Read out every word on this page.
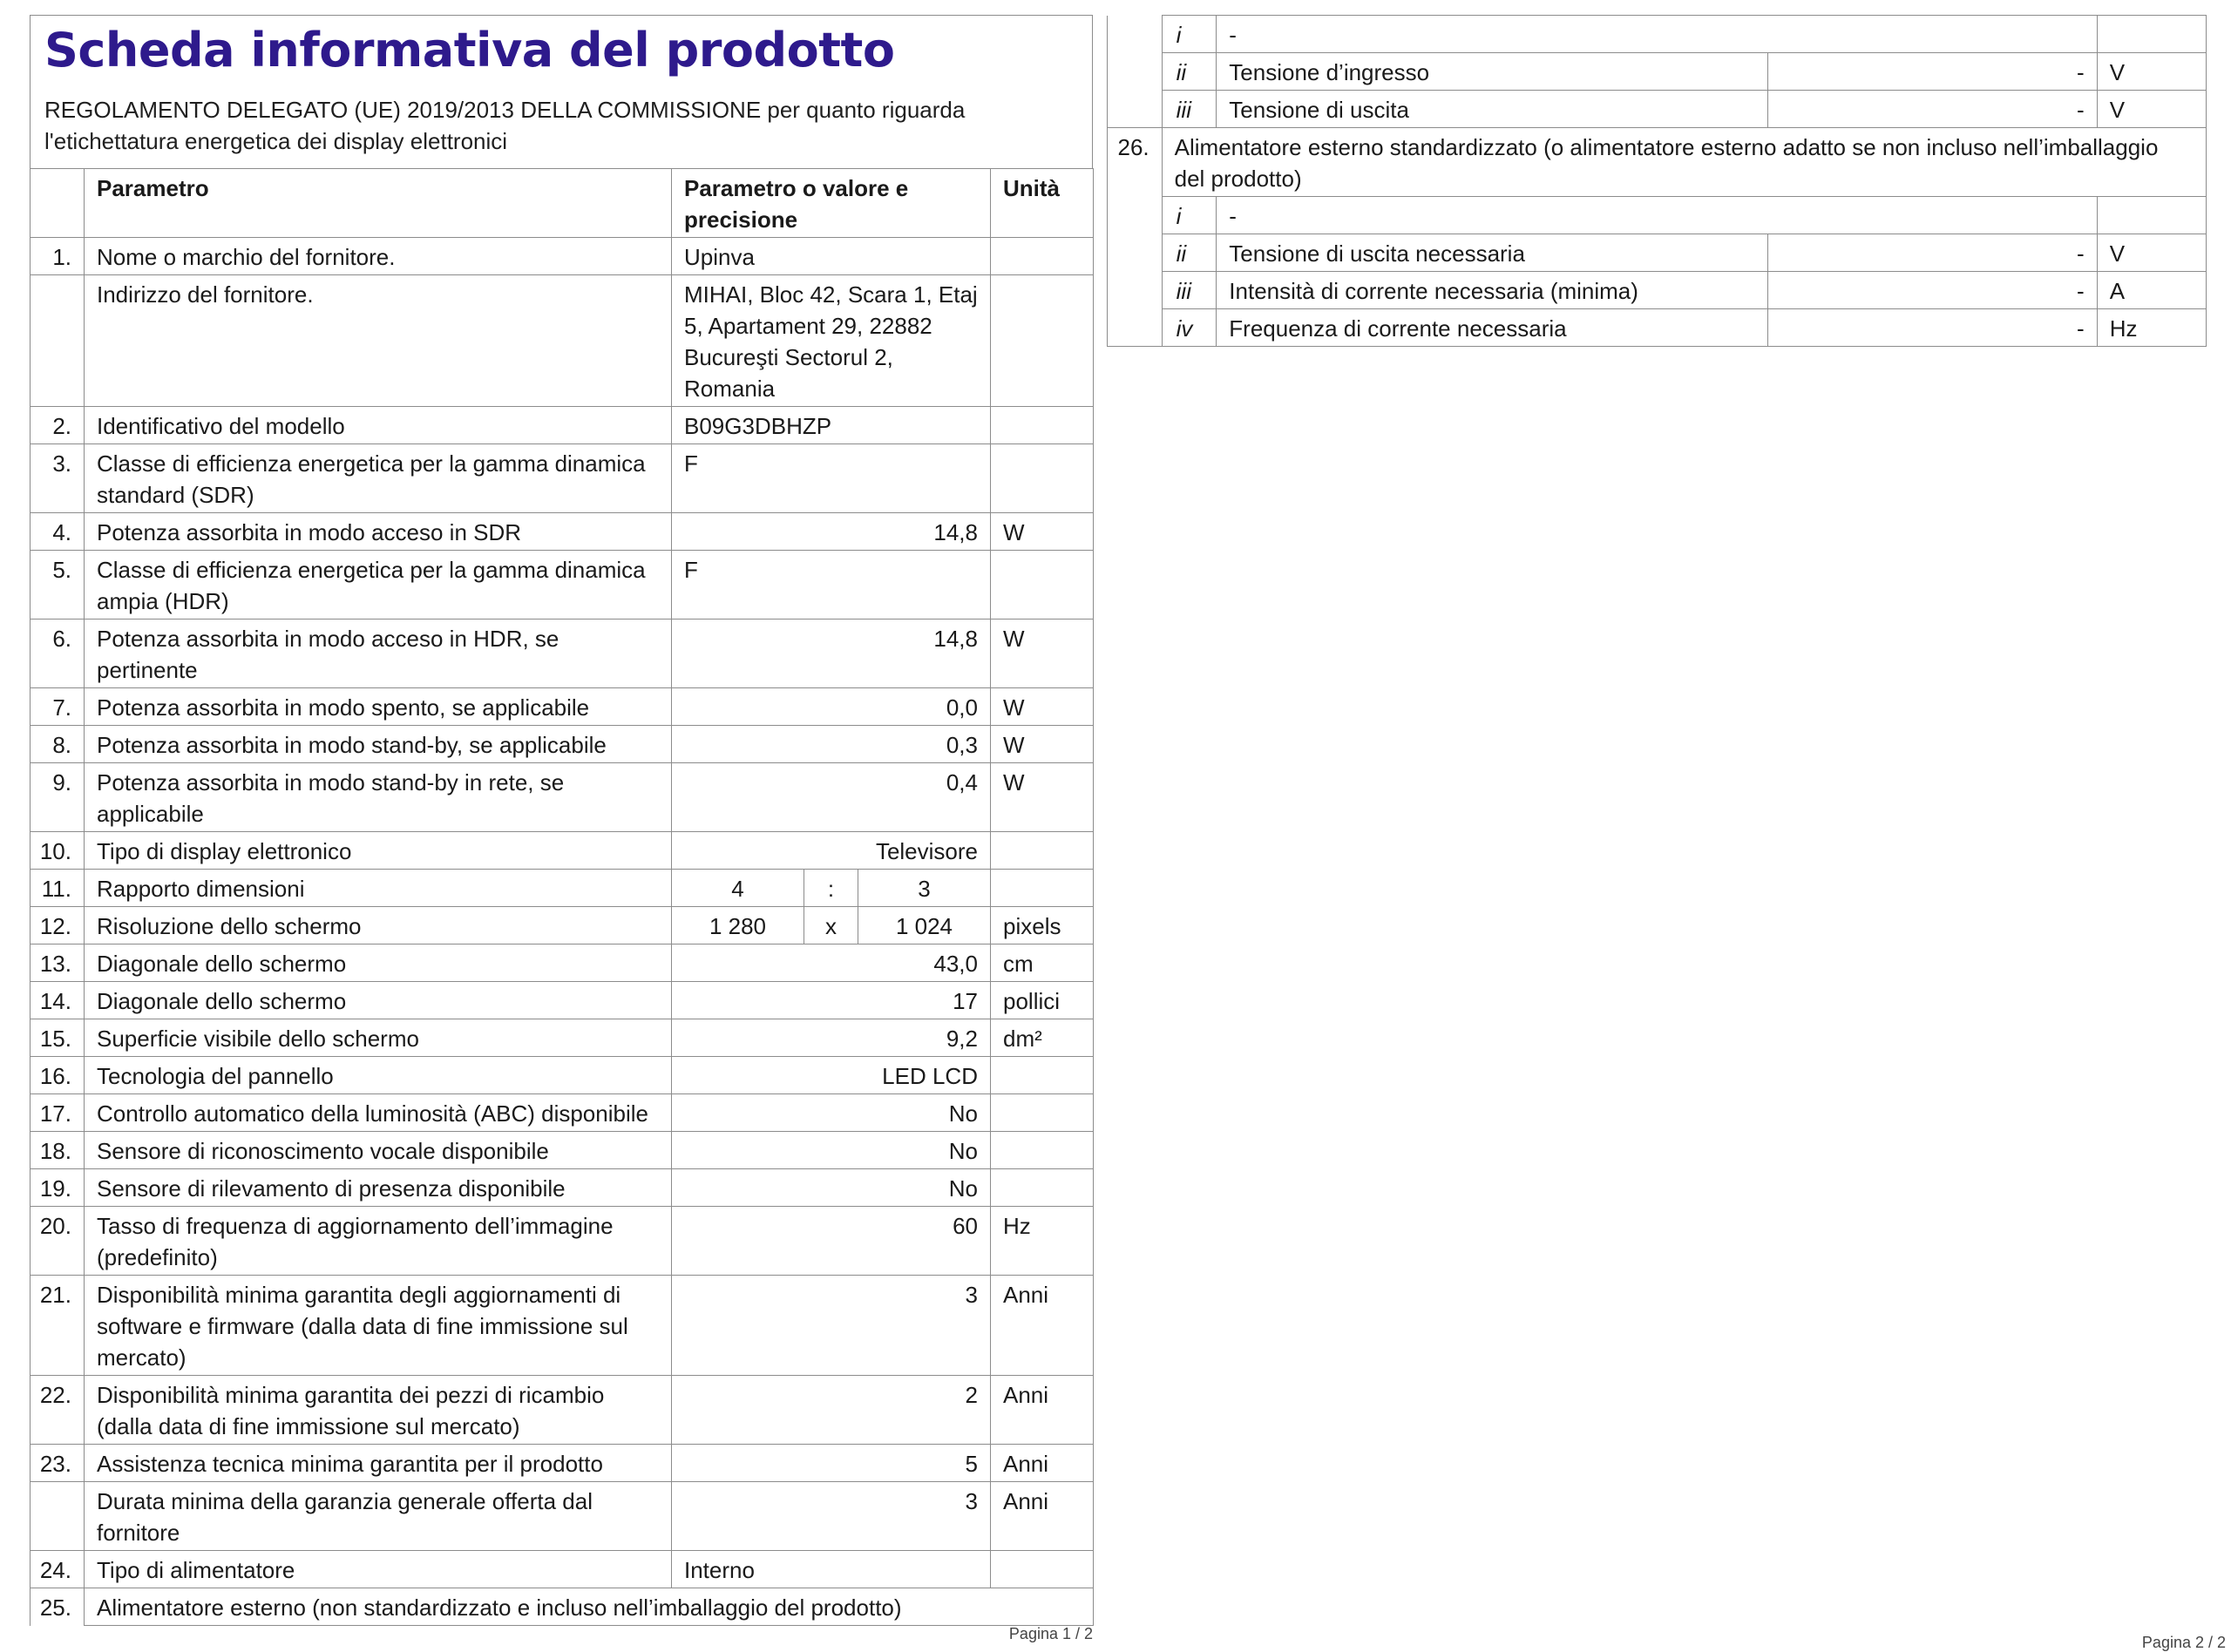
Scheda informativa del prodotto
REGOLAMENTO DELEGATO (UE) 2019/2013 DELLA COMMISSIONE per quanto riguarda l'etichettatura energetica dei display elettronici
	Parametro	Parametro o valore e precisione			Unità
1.	Nome o marchio del fornitore.	Upinva			
	Indirizzo del fornitore.	MIHAI, Bloc 42, Scara 1, Etaj 5, Apartament 29, 22882 Bucureşti Sectorul 2, Romania			
2.	Identificativo del modello	B09G3DBHZP			
3.	Classe di efficienza energetica per la gamma dinamica standard (SDR)	F			
4.	Potenza assorbita in modo acceso in SDR	14,8			W
5.	Classe di efficienza energetica per la gamma dinamica ampia (HDR)	F			
6.	Potenza assorbita in modo acceso in HDR, se pertinente	14,8			W
7.	Potenza assorbita in modo spento, se applicabile	0,0			W
8.	Potenza assorbita in modo stand-by, se applicabile	0,3			W
9.	Potenza assorbita in modo stand-by in rete, se applicabile	0,4			W
10.	Tipo di display elettronico	Televisore			
11.	Rapporto dimensioni	4	:	3	
12.	Risoluzione dello schermo	1 280	x	1 024	pixels
13.	Diagonale dello schermo	43,0			cm
14.	Diagonale dello schermo	17			pollici
15.	Superficie visibile dello schermo	9,2			dm²
16.	Tecnologia del pannello	LED LCD			
17.	Controllo automatico della luminosità (ABC) disponibile	No			
18.	Sensore di riconoscimento vocale disponibile	No			
19.	Sensore di rilevamento di presenza disponibile	No			
20.	Tasso di frequenza di aggiornamento dell’immagine (predefinito)	60			Hz
21.	Disponibilità minima garantita degli aggiornamenti di software e firmware (dalla data di fine immissione sul mercato)	3			Anni
22.	Disponibilità minima garantita dei pezzi di ricambio (dalla data di fine immissione sul mercato)	2			Anni
23.	Assistenza tecnica minima garantita per il prodotto	5			Anni
	Durata minima della garanzia generale offerta dal fornitore	3			Anni
24.	Tipo di alimentatore	Interno			
25.	Alimentatore esterno (non standardizzato e incluso nell’imballaggio del prodotto)				
Pagina 1 / 2
	i	-		
	ii	Tensione d’ingresso	-	V
	iii	Tensione di uscita	-	V
26.	Alimentatore esterno standardizzato (o alimentatore esterno adatto se non incluso nell’imballaggio del prodotto)			
	i	-		
	ii	Tensione di uscita necessaria	-	V
	iii	Intensità di corrente necessaria (minima)	-	A
	iv	Frequenza di corrente necessaria	-	Hz
Pagina 2 / 2
